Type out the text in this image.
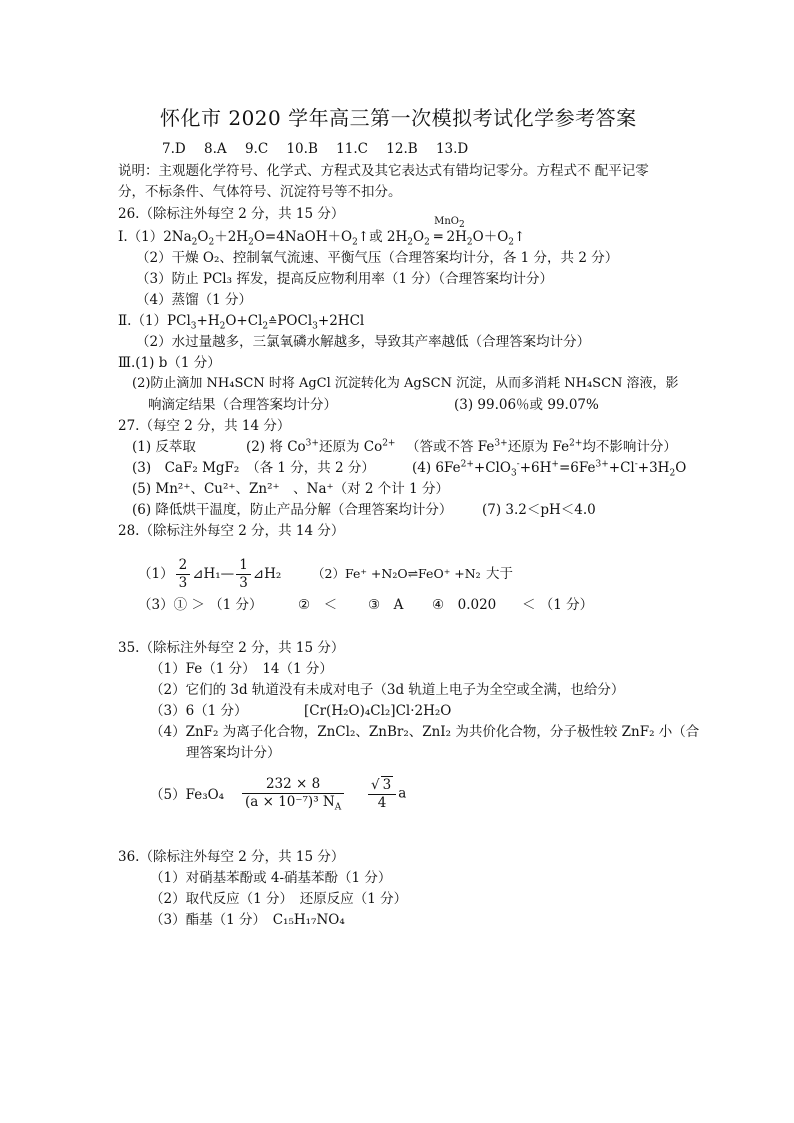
怀化市 2020 学年高三第一次模拟考试化学参考答案
7.D 8.A 9.C 10.B 11.C 12.B 13.D
说明：主观题化学符号、化学式、方程式及其它表达式有错均记零分。方程式不 配平记零
分，不标条件、气体符号、沉淀符号等不扣分。
26.（除标注外每空 2 分，共 15 分）
$Ⅰ.(1)2Na_2O_2+2H_2O=4NaOH+O_2↑$或 $2H_2O_2$
MnO$_2$
═ $2H_2O+O_2↑$
（2）干燥 O₂、控制氧气流速、平衡气压（合理答案均计分，各 1 分，共 2 分）
（3）防止 PCl₃ 挥发，提高反应物利用率（1 分）（合理答案均计分）
（4）蒸馏（1 分）
$Ⅱ.(1)PCl_3+H_2O+Cl_2≙POCl_3+2HCl$
（2）水过量越多，三氯氧磷水解越多，导致其产率越低（合理答案均计分）
Ⅲ.(1) b（1 分）
(2)防止滴加 NH₄SCN 时将 AgCl 沉淀转化为 AgSCN 沉淀，从而多消耗 NH₄SCN 溶液，影
响滴定结果（合理答案均计分）	(3) 99.06％或 99.07%
27.（每空 2 分，共 14 分）
(1) 反萃取	(2) 将 $Co^{3+}$还原为 $Co^{2+}$ （答或不答 $Fe^{3+}$还原为 $Fe^{2+}$均不影响计分）
(3)　CaF₂ MgF₂　（各 1 分，共 2 分）	(4) $6Fe^{2+}+ClO_3^-+6H^+=6Fe^{3+}+Cl^-+3H_2O$
(5) Mn²⁺、Cu²⁺、Zn²⁺　、Na⁺（对 2 个计 1 分）
(6) 降低烘干温度，防止产品分解（合理答案均计分） (7) 3.2＜pH＜4.0
28.（除标注外每空 2 分，共 14 分）
$(1) \frac{2}{3}$ ⊿H₁— $\frac{1}{3}$ ⊿H₂ （2）Fe⁺ +N₂O⇌FeO⁺ +N₂ 大于
（3）① ＞ （1 分）	②　＜ ③　A ④　0.020 ＜ （1 分）
35.（除标注外每空 2 分，共 15 分）
（1）Fe（1 分）　14（1 分）
（2）它们的 3d 轨道没有未成对电子（3d 轨道上电子为全空或全满，也给分）
（3）6（1 分）	[Cr(H₂O)₄Cl₂]Cl·2H₂O
（4）ZnF₂ 为离子化合物，ZnCl₂、ZnBr₂、ZnI₂ 为共价化合物，分子极性较 ZnF₂ 小（合
理答案均计分）
$(5)Fe_3O_4 \frac{232 \times 8}{(a \times 10^{-7})^3 N_A} \frac{√ 3}{4}$ a
36.（除标注外每空 2 分，共 15 分）
（1）对硝基苯酚或 4-硝基苯酚（1 分）
（2）取代反应（1 分）　还原反应（1 分）
（3）酯基（1 分）　C₁₅H₁₇NO₄
